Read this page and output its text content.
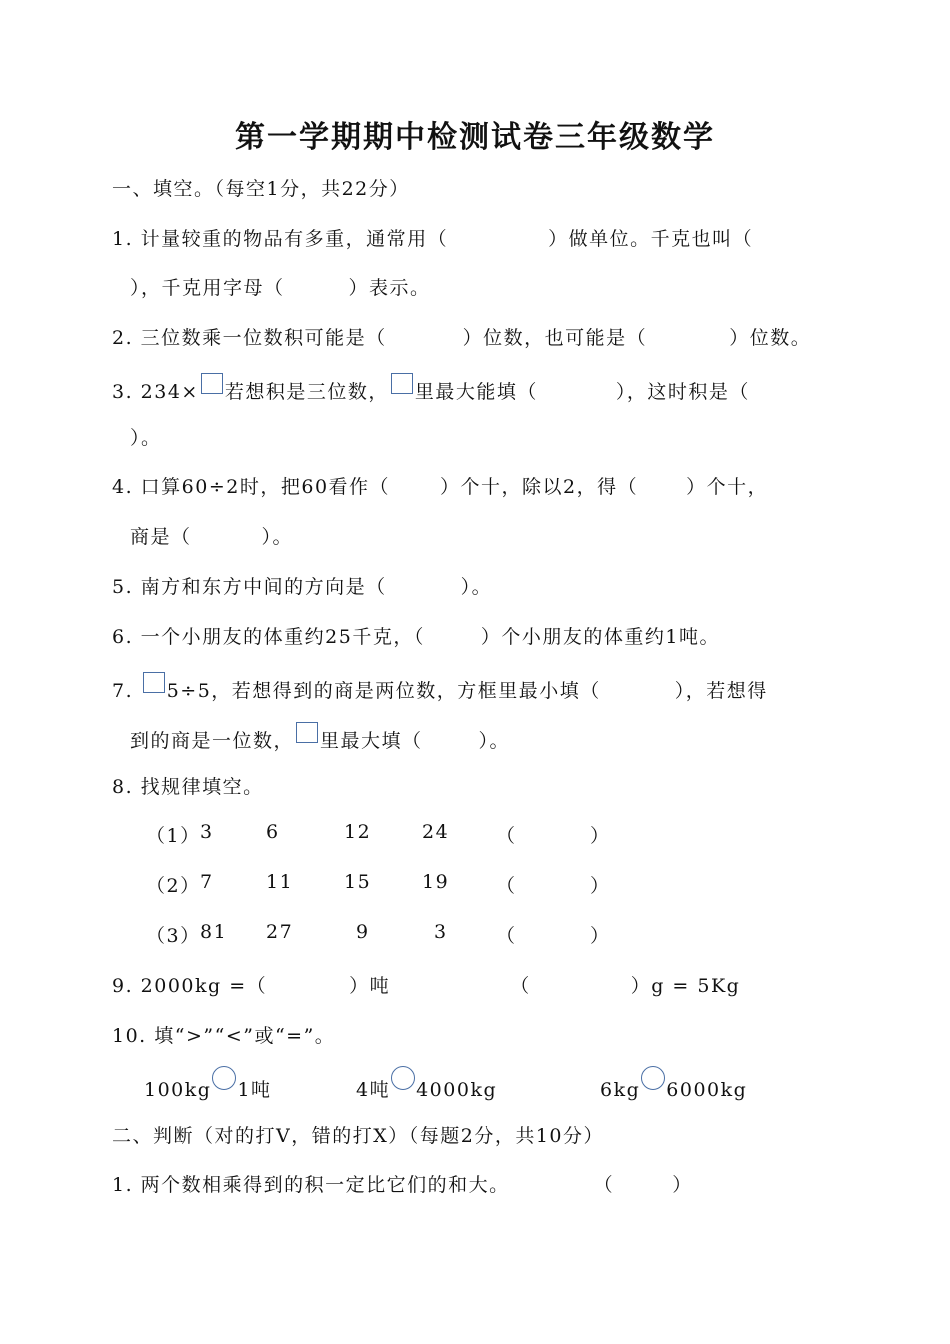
第一学期期中检测试卷三年级数学
一、填空。（每空1分，共22分）
1. 计量较重的物品有多重，通常用（	）做单位。千克也叫（
），千克用字母（	）表示。
2. 三位数乘一位数积可能是（	）位数，也可能是（	）位数。
3. 234× 若想积是三位数， 里最大能填（	），这时积是（
）。
4. 口算60÷2时，把60看作（	）个十，除以2，得（	）个十，
商是（	）。
5. 南方和东方中间的方向是（	）。
6. 一个小朋友的体重约25千克，（	）个小朋友的体重约1吨。
7. 5÷5，若想得到的商是两位数，方框里最小填（	），若想得
到的商是一位数， 里最大填（	）。
8. 找规律填空。
（1） 3	6	12	24 （	）
（2） 7	11	15	19 （	）
（3） 81 27	9	3	（	）
9. 2000kg =（	）吨	（	）g = 5Kg
10. 填“>”“<”或“=”。
100kg 1吨	4吨 4000kg	6kg 6000kg
二、判断（对的打V，错的打X）（每题2分，共10分）
1. 两个数相乘得到的积一定比它们的和大。	（	）
